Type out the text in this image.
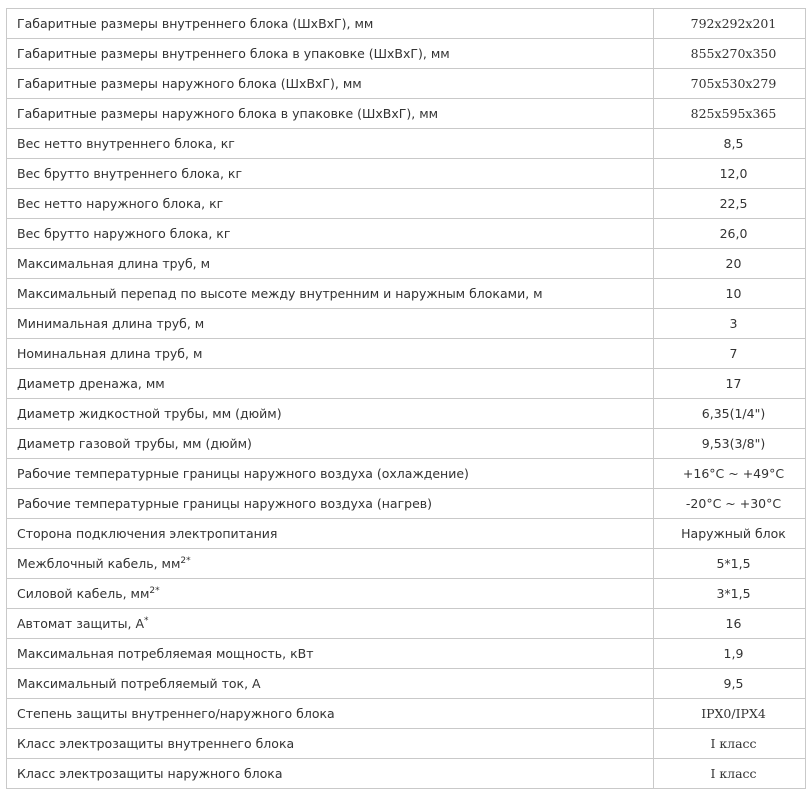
Габаритные размеры внутреннего блока (ШхВхГ), мм	792x292x201
Габаритные размеры внутреннего блока в упаковке (ШхВхГ), мм	855x270x350
Габаритные размеры наружного блока (ШхВхГ), мм	705x530x279
Габаритные размеры наружного блока в упаковке (ШхВхГ), мм	825x595x365
Вес нетто внутреннего блока, кг	8,5
Вес брутто внутреннего блока, кг	12,0
Вес нетто наружного блока, кг	22,5
Вес брутто наружного блока, кг	26,0
Максимальная длина труб, м	20
Максимальный перепад по высоте между внутренним и наружным блоками, м	10
Минимальная длина труб, м	3
Номинальная длина труб, м	7
Диаметр дренажа, мм	17
Диаметр жидкостной трубы, мм (дюйм)	6,35(1/4")
Диаметр газовой трубы, мм (дюйм)	9,53(3/8")
Рабочие температурные границы наружного воздуха (охлаждение)	+16°C ~ +49°C
Рабочие температурные границы наружного воздуха (нагрев)	-20°C ~ +30°C
Сторона подключения электропитания	Наружный блок
Межблочный кабель, $мм^{2*}$	5*1,5
Силовой кабель, $мм^{2*}$	3*1,5
Автомат защиты, А*	16
Максимальная потребляемая мощность, кВт	1,9
Максимальный потребляемый ток, А	9,5
Степень защиты внутреннего/наружного блока	IPX0/IPX4
Класс электрозащиты внутреннего блока	I класс
Класс электрозащиты наружного блока	I класс
